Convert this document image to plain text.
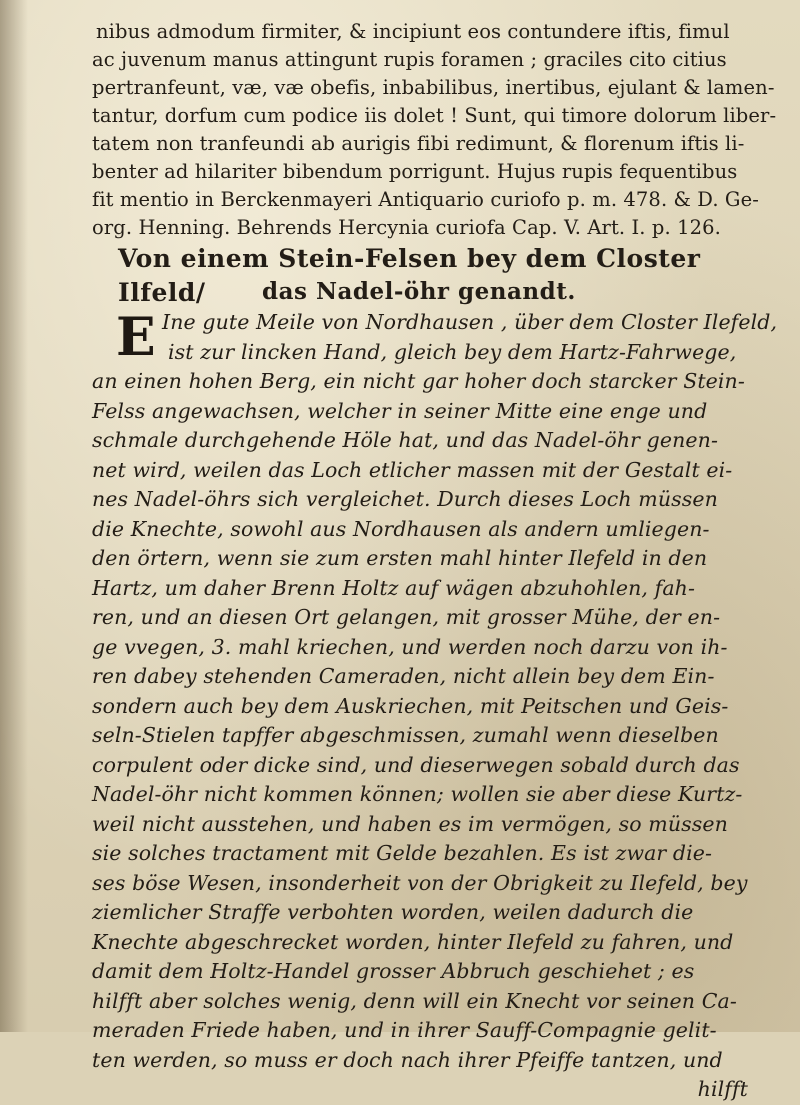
nibus admodum firmiter, & incipiunt eos contundere iftis, fimul
ac juvenum manus attingunt rupis foramen ; graciles cito citius
pertranfeunt, væ, væ obefis, inbabilibus, inertibus, ejulant & lamen-
tantur, dorfum cum podice iis dolet ! Sunt, qui timore dolorum liber-
tatem non tranfeundi ab aurigis fibi redimunt, & florenum iftis li-
benter ad hilariter bibendum porrigunt. Hujus rupis fequentibus
fit mentio in Berckenmayeri Antiquario curiofo p. m. 478. & D. Ge-
org. Henning. Behrends Hercynia curiofa Cap. V. Art. I. p. 126.
Von einem Stein-Felsen bey dem Closter Ilfeld/	das Nadel-öhr genandt.
E Ine gute Meile von Nordhausen , über dem Closter Ilefeld,
ist zur lincken Hand, gleich bey dem Hartz-Fahrwege,
an einen hohen Berg, ein nicht gar hoher doch starcker Stein-
Felss angewachsen, welcher in seiner Mitte eine enge und
schmale durchgehende Höle hat, und das Nadel-öhr genen-
net wird, weilen das Loch etlicher massen mit der Gestalt ei-
nes Nadel-öhrs sich vergleichet. Durch dieses Loch müssen
die Knechte, sowohl aus Nordhausen als andern umliegen-
den örtern, wenn sie zum ersten mahl hinter Ilefeld in den
Hartz, um daher Brenn Holtz auf wägen abzuhohlen, fah-
ren, und an diesen Ort gelangen, mit grosser Mühe, der en-
ge vvegen, 3. mahl kriechen, und werden noch darzu von ih-
ren dabey stehenden Cameraden, nicht allein bey dem Ein-
sondern auch bey dem Auskriechen, mit Peitschen und Geis-
seln-Stielen tapffer abgeschmissen, zumahl wenn dieselben
corpulent oder dicke sind, und dieserwegen sobald durch das
Nadel-öhr nicht kommen können; wollen sie aber diese Kurtz-
weil nicht ausstehen, und haben es im vermögen, so müssen
sie solches tractament mit Gelde bezahlen. Es ist zwar die-
ses böse Wesen, insonderheit von der Obrigkeit zu Ilefeld, bey
ziemlicher Straffe verbohten worden, weilen dadurch die
Knechte abgeschrecket worden, hinter Ilefeld zu fahren, und
damit dem Holtz-Handel grosser Abbruch geschiehet ; es
hilfft aber solches wenig, denn will ein Knecht vor seinen Ca-
meraden Friede haben, und in ihrer Sauff-Compagnie gelit-
ten werden, so muss er doch nach ihrer Pfeiffe tantzen, und
hilfft
